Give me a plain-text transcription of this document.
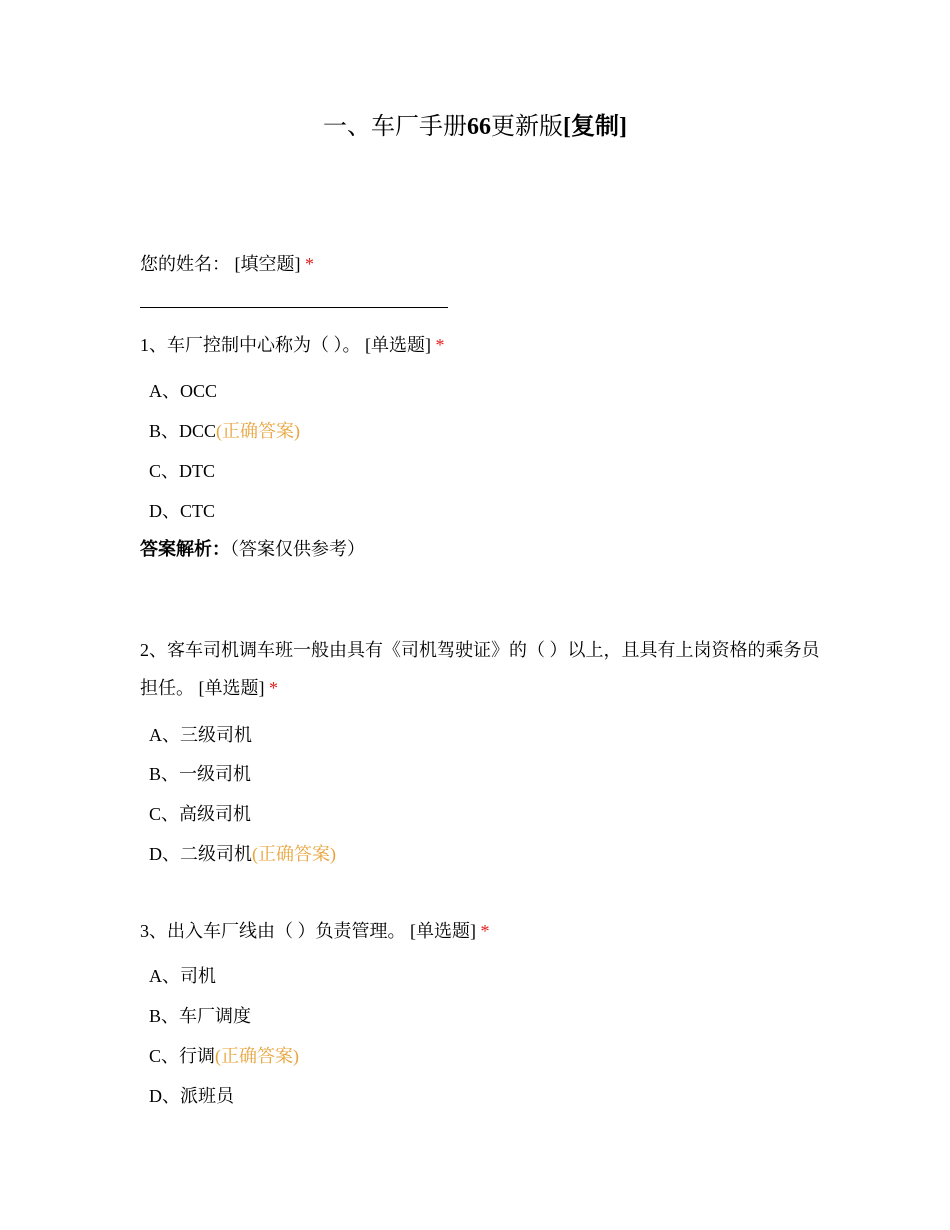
一、车厂手册66更新版[复制]
您的姓名： [填空题] *
1、车厂控制中心称为（ ）。 [单选题] *
A、OCC
B、DCC(正确答案)
C、DTC
D、CTC
答案解析：（答案仅供参考）
2、客车司机调车班一般由具有《司机驾驶证》的（ ）以上，且具有上岗资格的乘务员担任。 [单选题] *
A、三级司机
B、一级司机
C、高级司机
D、二级司机(正确答案)
3、出入车厂线由（ ）负责管理。 [单选题] *
A、司机
B、车厂调度
C、行调(正确答案)
D、派班员
